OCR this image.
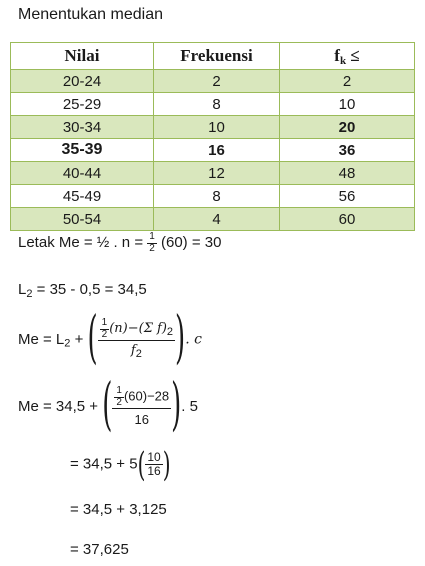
Menentukan median
Nilai	Frekuensi	$f_k$ ≤
20-24	2	2
25-29	8	10
30-34	10	20
35-39	16	36
40-44	12	48
45-49	8	56
50-54	4	60
Letak Me = ½ . $n = \frac{1}{2} (60) = 30$
$L_2 = 35 - 0,5 = 34,5$
$Me = L_2$ + ( $\frac{\frac{1}{2} (n)-(\Sigma f)2}{f2}$ ). c
Me = 34,5 + ( $\frac{\frac{1}{2} (60)-28}{16}$ ). 5
= $34,5 + 5( \frac{10}{16}$ )
= 34,5 + 3,125
= 37,625
